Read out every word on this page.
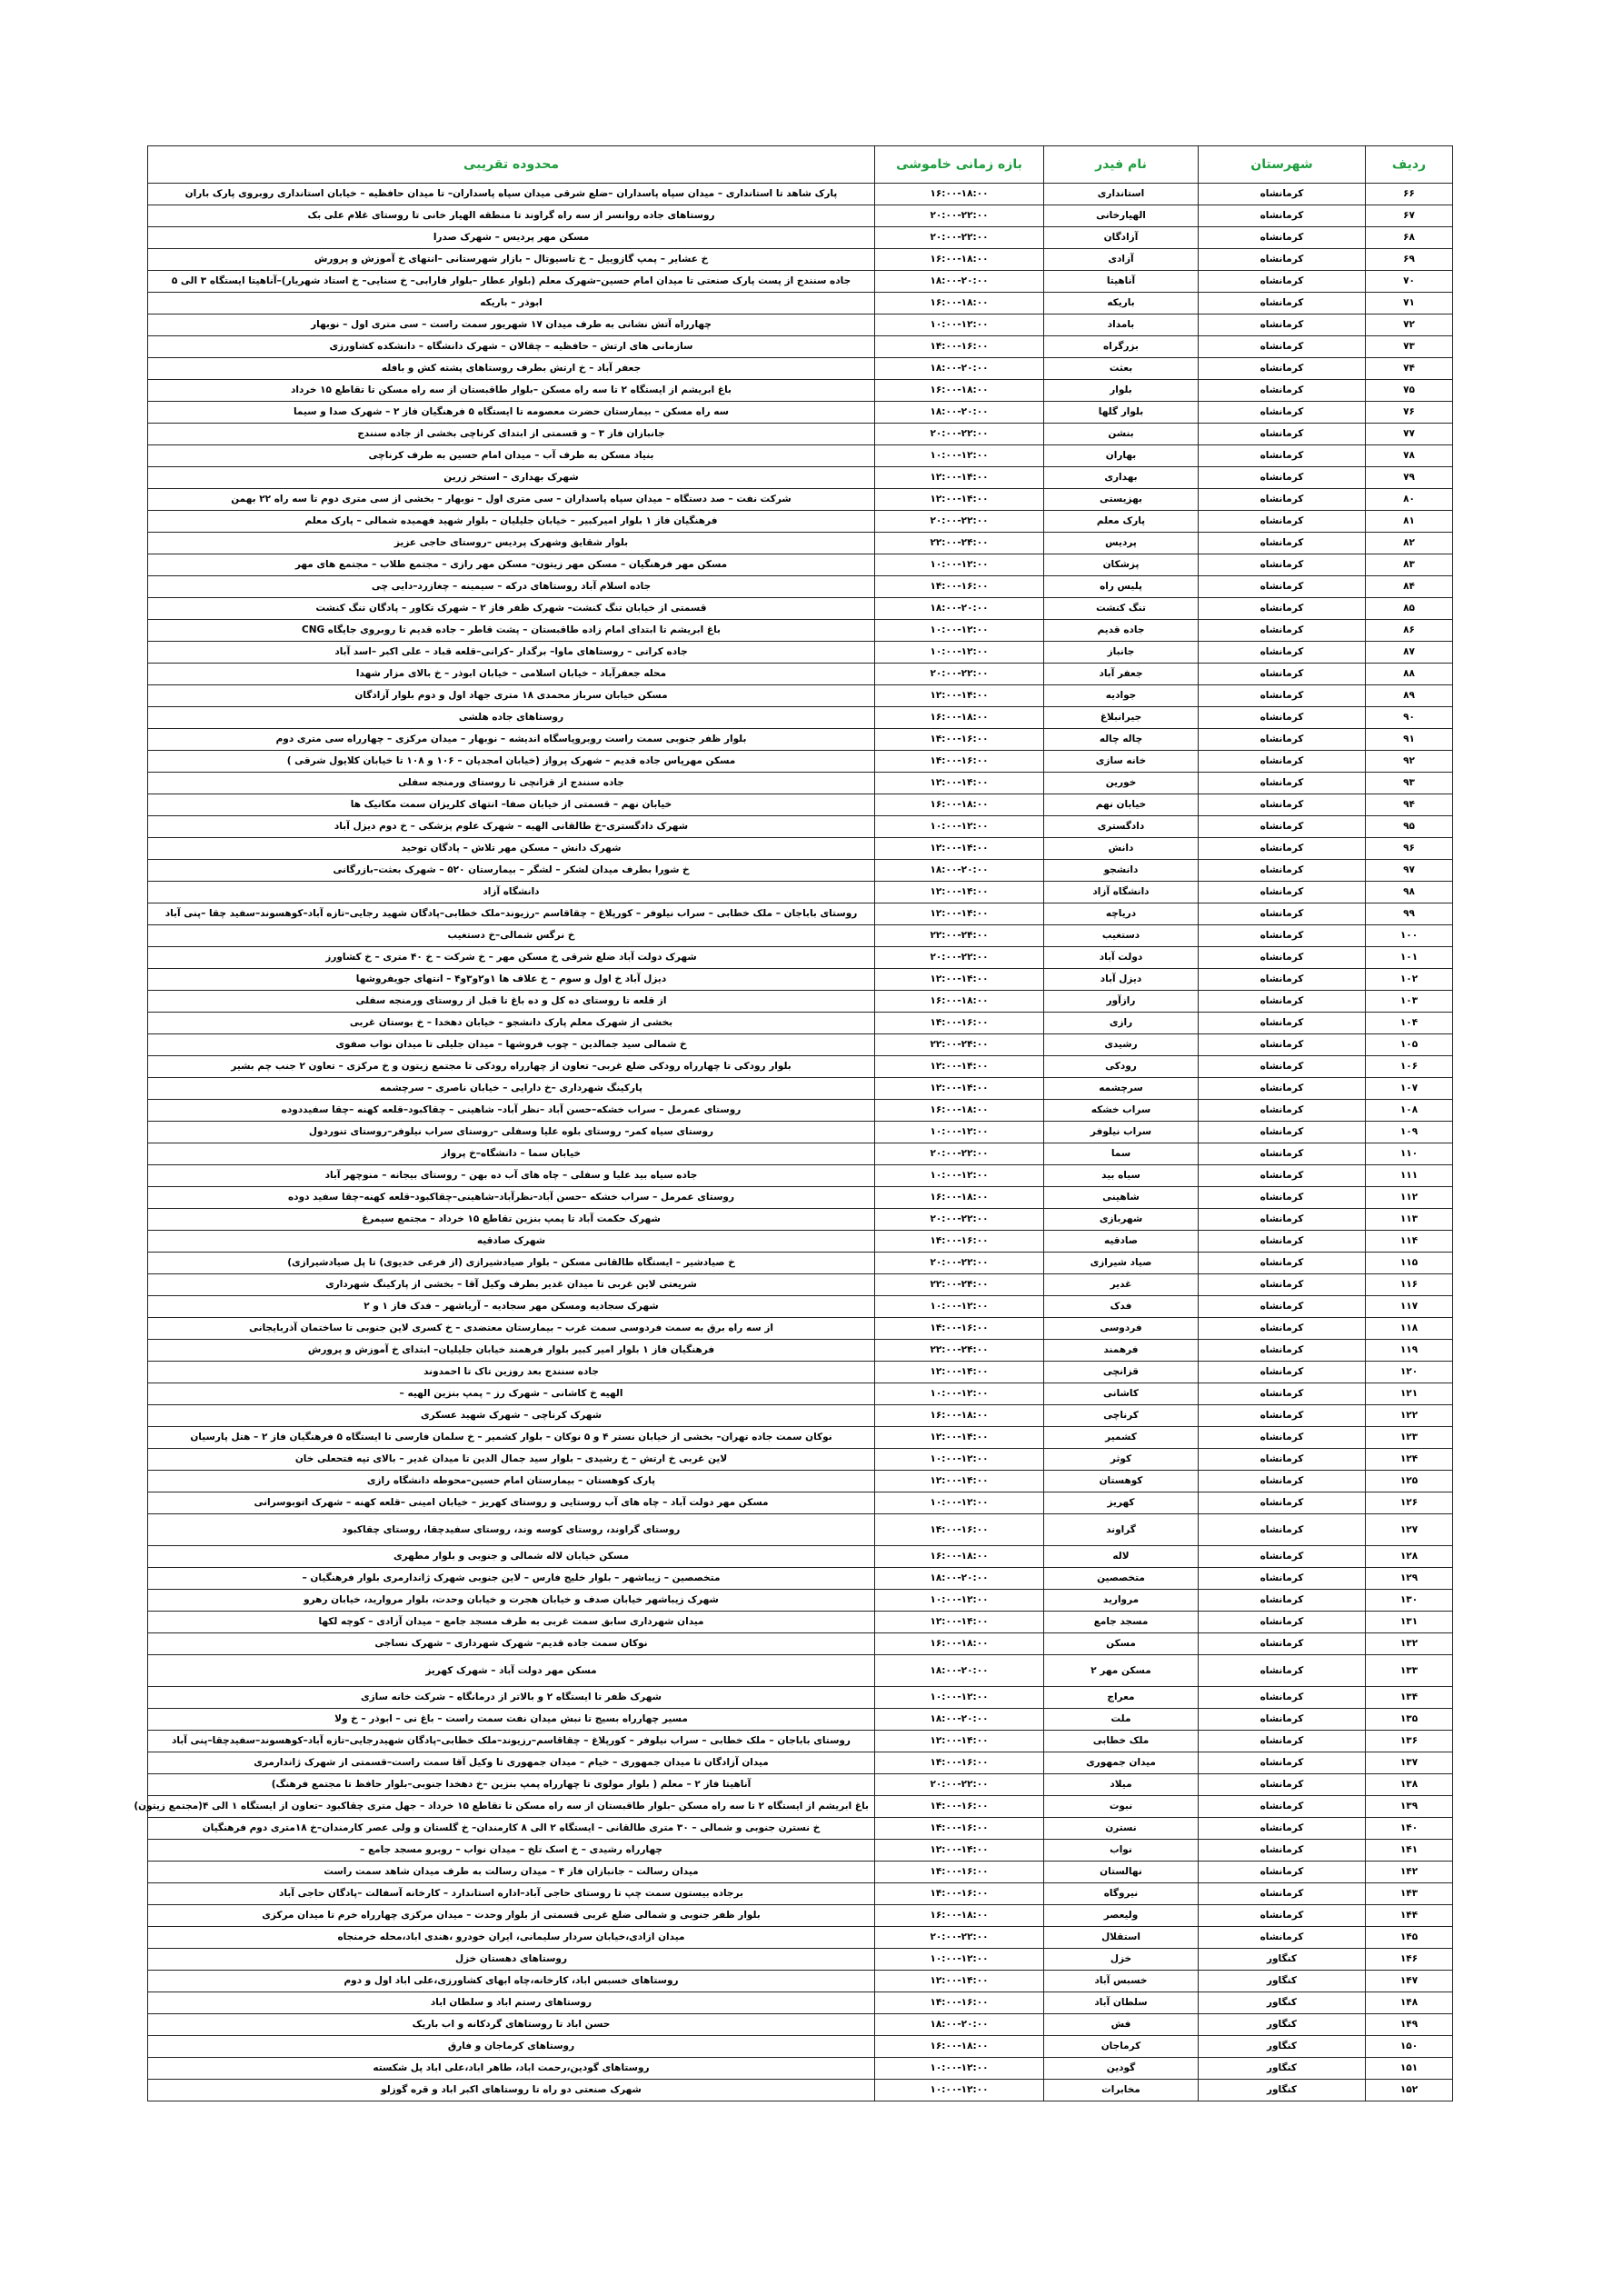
ردیف	شهرستان	نام فیدر	بازه زمانی خاموشی	محدوده تقریبی
۶۶	کرمانشاه	استانداری	۱۶:۰۰-۱۸:۰۰	پارک شاهد تا استانداری – میدان سپاه پاسداران –ضلع شرقی میدان سپاه پاسداران– تا میدان حافظیه – خیابان استانداری روبروی پارک باران
۶۷	کرمانشاه	الهیارخانی	۲۰:۰۰-۲۲:۰۰	روستاهای جاده روانسر از سه راه گراوند تا منطقه الهیار خانی تا روستای غلام علی بک
۶۸	کرمانشاه	آزادگان	۲۰:۰۰-۲۲:۰۰	مسکن مهر پردیس – شهرک صدرا
۶۹	کرمانشاه	آزادی	۱۶:۰۰-۱۸:۰۰	خ عشایر – پمپ گازوییل – خ تاسیوتال – بازار شهرستانی –انتهای خ آموزش و پرورش
۷۰	کرمانشاه	آناهیتا	۱۸:۰۰-۲۰:۰۰	جاده سنندج از پست پارک صنعتی تا میدان امام حسین–شهرک معلم (بلوار عطار –بلوار فارابی– خ سنایی– خ استاد شهریار)–آناهیتا ایستگاه ۳ الی ۵
۷۱	کرمانشاه	باریکه	۱۶:۰۰-۱۸:۰۰	ابوذر – باریکه
۷۲	کرمانشاه	بامداد	۱۰:۰۰-۱۲:۰۰	چهارراه آتش نشانی به طرف میدان ۱۷ شهریور سمت راست – سی متری اول – نوبهار
۷۳	کرمانشاه	بزرگراه	۱۴:۰۰-۱۶:۰۰	سازمانی های ارتش – حافظیه – چقالان – شهرک دانشگاه – دانشکده کشاورزی
۷۴	کرمانشاه	بعثت	۱۸:۰۰-۲۰:۰۰	جعفر آباد – خ ارتش بطرف روستاهای پشته کش و بافله
۷۵	کرمانشاه	بلوار	۱۶:۰۰-۱۸:۰۰	باغ ابریشم از ایستگاه ۲ تا سه راه مسکن –بلوار طاقبستان از سه راه مسکن تا تقاطع ۱۵ خرداد
۷۶	کرمانشاه	بلوار گلها	۱۸:۰۰-۲۰:۰۰	سه راه مسکن – بیمارستان حضرت معصومه تا ایستگاه ۵ فرهنگیان فاز ۲ – شهرک صدا و سیما
۷۷	کرمانشاه	بنشن	۲۰:۰۰-۲۲:۰۰	جانبازان فاز ۳ – و قسمتی از ابتدای کرناچی بخشی از جاده سنندج
۷۸	کرمانشاه	بهاران	۱۰:۰۰-۱۲:۰۰	بنیاد مسکن به طرف آب – میدان امام حسین به طرف کرناچی
۷۹	کرمانشاه	بهداری	۱۲:۰۰-۱۴:۰۰	شهرک بهداری – استخر زرین
۸۰	کرمانشاه	بهزیستی	۱۲:۰۰-۱۴:۰۰	شرکت نفت – صد دستگاه – میدان سپاه پاسداران – سی متری اول – نوبهار – بخشی از سی متری دوم تا سه راه ۲۲ بهمن
۸۱	کرمانشاه	پارک معلم	۲۰:۰۰-۲۲:۰۰	فرهنگیان فاز ۱ بلوار امیرکبیر – خیابان جلیلیان – بلوار شهید فهمیده شمالی – پارک معلم
۸۲	کرمانشاه	پردیس	۲۲:۰۰-۲۴:۰۰	بلوار شقایق وشهرک پردیس –روستای حاجی عزیز
۸۳	کرمانشاه	پزشکان	۱۰:۰۰-۱۲:۰۰	مسکن مهر فرهنگیان – مسکن مهر زیتون– مسکن مهر رازی – مجتمع طلاب – مجتمع های مهر
۸۴	کرمانشاه	پلیس راه	۱۴:۰۰-۱۶:۰۰	جاده اسلام آباد روستاهای درکه – سیمینه – چغازرد–دایی چی
۸۵	کرمانشاه	تنگ کنشت	۱۸:۰۰-۲۰:۰۰	قسمتی از خیابان تنگ کنشت– شهرک ظفر فاز ۲ – شهرک تکاور – پادگان تنگ کنشت
۸۶	کرمانشاه	جاده قدیم	۱۰:۰۰-۱۲:۰۰	باغ ابریشم تا ابتدای امام زاده طاقبستان – پشت قاطر – جاده قدیم تا روبروی جایگاه CNG
۸۷	کرمانشاه	جانباز	۱۰:۰۰-۱۲:۰۰	جاده کرانی – روستاهای ماوا– برگدار –کرانی–قلعه قباد – علی اکبر –اسد آباد
۸۸	کرمانشاه	جعفر آباد	۲۰:۰۰-۲۲:۰۰	محله جعفرآباد – خیابان اسلامی – خیابان ابوذر – خ بالای مزار شهدا
۸۹	کرمانشاه	جوادیه	۱۲:۰۰-۱۴:۰۰	مسکن خیابان سرباز محمدی ۱۸ متری جهاد اول و دوم بلوار آزادگان
۹۰	کرمانشاه	جیرانبلاغ	۱۶:۰۰-۱۸:۰۰	روستاهای جاده هلشی
۹۱	کرمانشاه	چاله چاله	۱۴:۰۰-۱۶:۰۰	بلوار ظفر جنوبی سمت راست روبروپاسگاه اندیشه – نوبهار – میدان مرکزی – چهارراه سی متری دوم
۹۲	کرمانشاه	خانه سازی	۱۴:۰۰-۱۶:۰۰	مسکن مهرپاس جاده قدیم – شهرک پرواز (خیابان امجدیان – ۱۰۶ و ۱۰۸ تا خیابان کلایول شرقی )
۹۳	کرمانشاه	خورین	۱۲:۰۰-۱۴:۰۰	جاده سنندج از قزانچی تا روستای ورمنجه سفلی
۹۴	کرمانشاه	خیابان نهم	۱۶:۰۰-۱۸:۰۰	خیابان نهم – قسمتی از خیابان صفا– انتهای کلریزان سمت مکانیک ها
۹۵	کرمانشاه	دادگستری	۱۰:۰۰-۱۲:۰۰	شهرک دادگستری–خ طالقانی الهیه – شهرک علوم پزشکی – خ دوم دیزل آباد
۹۶	کرمانشاه	دانش	۱۲:۰۰-۱۴:۰۰	شهرک دانش – مسکن مهر تلاش – پادگان توحید
۹۷	کرمانشاه	دانشجو	۱۸:۰۰-۲۰:۰۰	خ شورا بطرف میدان لشکر – لشگر – بیمارستان ۵۲۰ – شهرک بعثت–بازرگانی
۹۸	کرمانشاه	دانشگاه آزاد	۱۲:۰۰-۱۴:۰۰	دانشگاه آزاد
۹۹	کرمانشاه	دریاچه	۱۲:۰۰-۱۴:۰۰	روستای باباجان – ملک خطابی – سراب نیلوفر – کورپلاغ – چقاقاسم –رزیوند–ملک خطابی–پادگان شهید رجایی–تازه آباد–کوهسوند–سفید چقا –پنی آباد
۱۰۰	کرمانشاه	دستغیب	۲۲:۰۰-۲۴:۰۰	خ نرگس شمالی–خ دستغیب
۱۰۱	کرمانشاه	دولت آباد	۲۰:۰۰-۲۲:۰۰	شهرک دولت آباد ضلع شرقی خ مسکن مهر – خ شرکت – خ ۴۰ متری – خ کشاورز
۱۰۲	کرمانشاه	دیزل آباد	۱۲:۰۰-۱۴:۰۰	دیزل آباد خ اول و سوم – خ علاف ها ۱و۲و۳و۴ – انتهای جویفروشها
۱۰۳	کرمانشاه	رازآور	۱۶:۰۰-۱۸:۰۰	از قلعه تا روستای ده کل و ده باغ تا قبل از روستای ورمنجه سفلی
۱۰۴	کرمانشاه	رازی	۱۴:۰۰-۱۶:۰۰	بخشی از شهرک معلم پارک دانشجو – خیابان دهخدا – خ بوستان غربی
۱۰۵	کرمانشاه	رشیدی	۲۲:۰۰-۲۴:۰۰	خ شمالی سید جمالدین – چوب فروشها – میدان جلیلی تا میدان نواب صفوی
۱۰۶	کرمانشاه	رودکی	۱۲:۰۰-۱۴:۰۰	بلوار رودکی تا چهارراه رودکی ضلع غربی– تعاون از چهارراه رودکی تا مجتمع زیتون و خ مرکزی – تعاون ۲ جنب چم بشیر
۱۰۷	کرمانشاه	سرچشمه	۱۲:۰۰-۱۴:۰۰	پارکینگ شهرداری –خ دارایی – خیابان ناصری – سرچشمه
۱۰۸	کرمانشاه	سراب خشکه	۱۶:۰۰-۱۸:۰۰	روستای عمرمل – سراب خشکه–حسن آباد –نظر آباد– شاهینی – چقاکبود–قلعه کهنه –چقا سفیددوده
۱۰۹	کرمانشاه	سراب نیلوفر	۱۰:۰۰-۱۲:۰۰	روستای سیاه کمر– روستای بلوه علیا وسفلی –روستای سراب نیلوفر–روستای تنوردول
۱۱۰	کرمانشاه	سما	۲۰:۰۰-۲۲:۰۰	خیابان سما – دانشگاه–خ پرواز
۱۱۱	کرمانشاه	سیاه بید	۱۰:۰۰-۱۲:۰۰	جاده سیاه بید علیا و سفلی – چاه های آب ده بهن – روستای بیجانه – منوچهر آباد
۱۱۲	کرمانشاه	شاهینی	۱۶:۰۰-۱۸:۰۰	روستای عمرمل – سراب خشکه –حسن آباد–نظرآباد–شاهینی–چقاکبود–قلعه کهنه–چقا سفید دوده
۱۱۳	کرمانشاه	شهربازی	۲۰:۰۰-۲۲:۰۰	شهرک حکمت آباد تا پمپ بنزین تقاطع ۱۵ خرداد – مجتمع سیمرغ
۱۱۴	کرمانشاه	صادقیه	۱۴:۰۰-۱۶:۰۰	شهرک صادقیه
۱۱۵	کرمانشاه	صیاد شیرازی	۲۰:۰۰-۲۲:۰۰	خ صیادشیر – ایستگاه طالقانی مسکن – بلوار صیادشیرازی (از فرعی خدیوی) تا پل صیادشیرازی)
۱۱۶	کرمانشاه	غدیر	۲۲:۰۰-۲۴:۰۰	شریعتی لاین غربی تا میدان غدیر بطرف وکیل آقا – بخشی از پارکینگ شهرداری
۱۱۷	کرمانشاه	فدک	۱۰:۰۰-۱۲:۰۰	شهرک سجادیه ومسکن مهر سجادیه – آریاشهر – فدک فاز ۱ و ۲
۱۱۸	کرمانشاه	فردوسی	۱۴:۰۰-۱۶:۰۰	از سه راه برق به سمت فردوسی سمت غرب – بیمارستان معتضدی – خ کسری لاین جنوبی تا ساختمان آذربایجانی
۱۱۹	کرمانشاه	فرهمند	۲۲:۰۰-۲۴:۰۰	فرهنگیان فاز ۱ بلوار امیر کبیر بلوار فرهمند خیابان جلیلیان– ابتدای خ آموزش و پرورش
۱۲۰	کرمانشاه	قزانچی	۱۲:۰۰-۱۴:۰۰	جاده سنندج بعد روزین تاک تا احمدوند
۱۲۱	کرمانشاه	کاشانی	۱۰:۰۰-۱۲:۰۰	الهیه خ کاشانی – شهرک رز – پمپ بنزین الهیه –
۱۲۲	کرمانشاه	کرناچی	۱۶:۰۰-۱۸:۰۰	شهرک کرناچی – شهرک شهید عسکری
۱۲۳	کرمانشاه	کشمیر	۱۲:۰۰-۱۴:۰۰	نوکان سمت جاده تهران– بخشی از خیابان نستر ۴ و ۵ نوکان – بلوار کشمیر – خ سلمان فارسی تا ایستگاه ۵ فرهنگیان فاز ۲ – هتل پارسیان
۱۲۴	کرمانشاه	کوثر	۱۰:۰۰-۱۲:۰۰	لاین غربی خ ارتش – خ رشیدی – بلوار سید جمال الدین تا میدان غدیر – بالای تپه فتحعلی خان
۱۲۵	کرمانشاه	کوهستان	۱۲:۰۰-۱۴:۰۰	پارک کوهستان – بیمارستان امام حسین–محوطه دانشگاه رازی
۱۲۶	کرمانشاه	کهریز	۱۰:۰۰-۱۲:۰۰	مسکن مهر دولت آباد – چاه های آب روستایی و روستای کهریز – خیابان امینی –قلعه کهنه – شهرک اتوبوسرانی
۱۲۷	کرمانشاه	گراوند	۱۴:۰۰-۱۶:۰۰	روستای گراوند، روستای کوسه وند، روستای سفیدچقا، روستای چقاکبود
۱۲۸	کرمانشاه	لاله	۱۶:۰۰-۱۸:۰۰	مسکن خیابان لاله شمالی و جنوبی و بلوار مطهری
۱۲۹	کرمانشاه	متخصصین	۱۸:۰۰-۲۰:۰۰	متخصصین – زیباشهر – بلوار خلیج فارس – لاین جنوبی شهرک ژاندارمری بلوار فرهنگیان –
۱۳۰	کرمانشاه	مروارید	۱۰:۰۰-۱۲:۰۰	شهرک زیباشهر خیابان صدف و خیابان هجرت و خیابان وحدت، بلوار مروارید، خیابان رهرو
۱۳۱	کرمانشاه	مسجد جامع	۱۲:۰۰-۱۴:۰۰	میدان شهرداری سابق سمت غربی به طرف مسجد جامع – میدان آزادی – کوچه لکها
۱۳۲	کرمانشاه	مسکن	۱۶:۰۰-۱۸:۰۰	نوکان سمت جاده قدیم– شهرک شهرداری – شهرک نساجی
۱۳۳	کرمانشاه	مسکن مهر ۲	۱۸:۰۰-۲۰:۰۰	مسکن مهر دولت آباد – شهرک کهریز
۱۳۴	کرمانشاه	معراج	۱۰:۰۰-۱۲:۰۰	شهرک ظفر تا ایستگاه ۲ و بالاتر از درمانگاه – شرکت خانه سازی
۱۳۵	کرمانشاه	ملت	۱۸:۰۰-۲۰:۰۰	مسیر چهارراه بسیج تا نبش میدان نفت سمت راست – باغ نی – ابوذر – خ ولا
۱۳۶	کرمانشاه	ملک خطابی	۱۲:۰۰-۱۴:۰۰	روستای باباجان – ملک خطابی – سراب نیلوفر – کورپلاغ – چقاقاسم–رزیوند–ملک خطابی–پادگان شهیدرجایی–تازه آباد–کوهسوند–سفیدچقا–پنی آباد
۱۳۷	کرمانشاه	میدان جمهوری	۱۴:۰۰-۱۶:۰۰	میدان آزادگان تا میدان جمهوری – خیام – میدان جمهوری تا وکیل آقا سمت راست–قسمتی از شهرک ژاندارمری
۱۳۸	کرمانشاه	میلاد	۲۰:۰۰-۲۲:۰۰	آناهیتا فاز ۲ – معلم ( بلوار مولوی تا چهارراه پمپ بنزین –خ دهخدا جنوبی–بلوار حافظ تا مجتمع فرهنگ)
۱۳۹	کرمانشاه	نبوت	۱۴:۰۰-۱۶:۰۰	باغ ابریشم از ایستگاه ۲ تا سه راه مسکن –بلوار طاقبستان از سه راه مسکن تا تقاطع ۱۵ خرداد – جهل متری چقاکبود –تعاون از ایستگاه ۱ الی ۴(مجتمع زیتون)
۱۴۰	کرمانشاه	نسترن	۱۴:۰۰-۱۶:۰۰	خ نسترن جنوبی و شمالی – ۳۰ متری طالقانی – ایستگاه ۲ الی ۸ کارمندان– خ گلستان و ولی عصر کارمندان–خ ۱۸متری دوم فرهنگیان
۱۴۱	کرمانشاه	نواب	۱۲:۰۰-۱۴:۰۰	چهارراه رشیدی – خ اسک تلخ – میدان نواب – روبرو مسجد جامع –
۱۴۲	کرمانشاه	نهالستان	۱۴:۰۰-۱۶:۰۰	میدان رسالت – جانبازان فاز ۴ – میدان رسالت به طرف میدان شاهد سمت راست
۱۴۳	کرمانشاه	نیروگاه	۱۴:۰۰-۱۶:۰۰	برجاده بیستون سمت چپ تا روستای حاجی آباد–اداره استاندارد – کارخانه آسفالت –پادگان حاجی آباد
۱۴۴	کرمانشاه	ولیعصر	۱۶:۰۰-۱۸:۰۰	بلوار ظفر جنوبی و شمالی ضلع غربی قسمتی از بلوار وحدت – میدان مرکزی چهارراه خرم تا میدان مرکزی
۱۴۵	کرمانشاه	استقلال	۲۰:۰۰-۲۲:۰۰	میدان ازادی،خیابان سردار سلیمانی، ایران خودرو ،هندی اباد،محله خرمنجاه
۱۴۶	کنگاور	خزل	۱۰:۰۰-۱۲:۰۰	روستاهای دهستان خزل
۱۴۷	کنگاور	خسبس آباد	۱۲:۰۰-۱۴:۰۰	روستاهای خسبس اباد، کارخانه،چاه ابهای کشاورزی،علی اباد اول و دوم
۱۴۸	کنگاور	سلطان آباد	۱۴:۰۰-۱۶:۰۰	روستاهای رستم اباد و سلطان اباد
۱۴۹	کنگاور	فش	۱۸:۰۰-۲۰:۰۰	حسن اباد تا روستاهای گردکانه و اب باریک
۱۵۰	کنگاور	کرماجان	۱۶:۰۰-۱۸:۰۰	روستاهای کرماجان و فارق
۱۵۱	کنگاور	گودین	۱۰:۰۰-۱۲:۰۰	روستاهای گودین،رحمت اباد، طاهر اباد،علی اباد پل شکسته
۱۵۲	کنگاور	مخابرات	۱۰:۰۰-۱۲:۰۰	شهرک صنعتی دو راه تا روستاهای اکبر اباد و قره گوزلو
